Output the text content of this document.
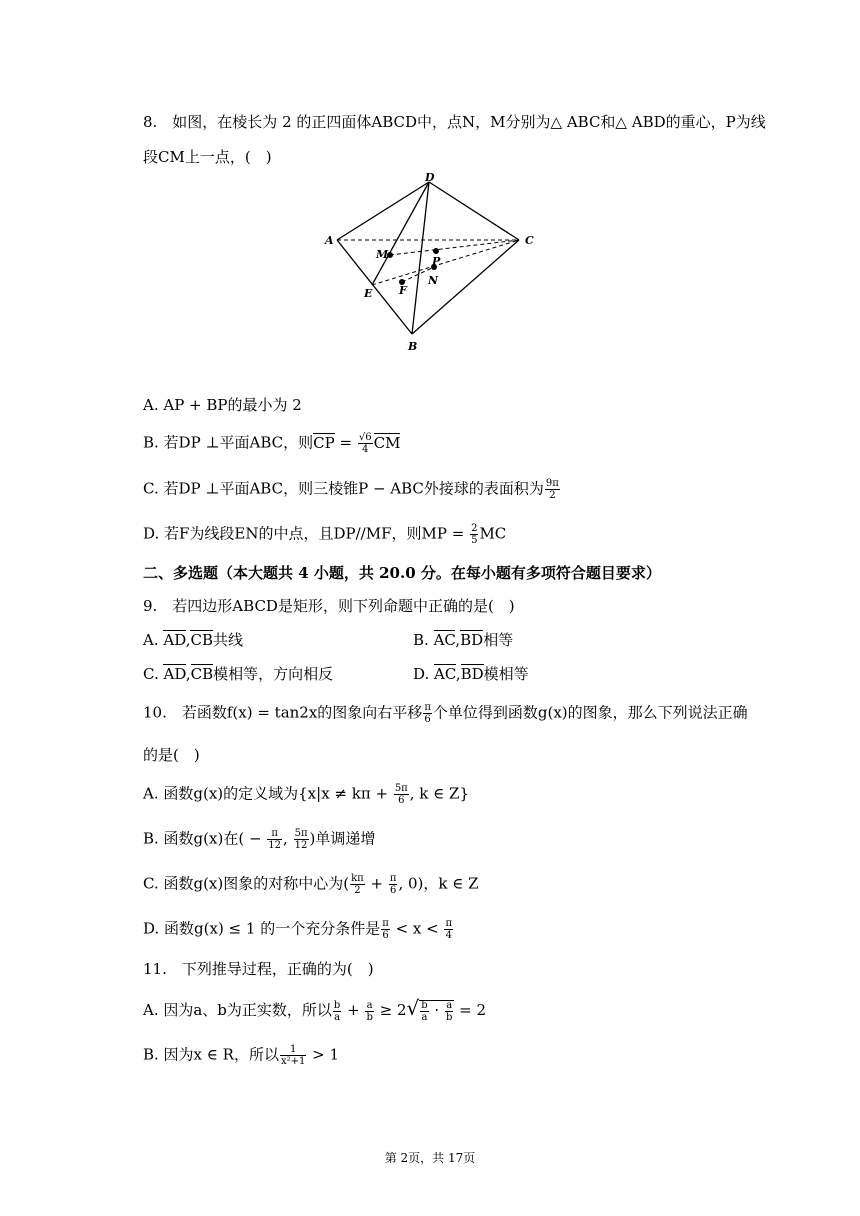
8.　如图，在棱长为 2 的正四面体ABCD中，点N，M分别为△ ABC和△ ABD的重心，P为线
段CM上一点，(　)
D
A	C
M
P
N
F
E
B
A. AP + BP的最小为 2
B. 若DP ⊥平面ABC，则CP = $\frac{√6}{4}$ CM
C. 若DP ⊥平面ABC，则三棱锥P − ABC外接球的表面积为 $\frac{9\pi}{2}$
D. 若F为线段EN的中点，且DP//MF，则MP = $\frac{2}{5}$ MC
二、多选题（本大题共 4 小题，共 20.0 分。在每小题有多项符合题目要求）
9.　若四边形ABCD是矩形，则下列命题中正确的是(　)
A. AD,CB共线	B. AC,BD相等
C. AD,CB模相等，方向相反	D. AC,BD模相等
10.　若函数f(x) = tan2x的图象向右平移 $\frac{\pi}{6}$ 个单位得到函数g(x)的图象，那么下列说法正确
的是(　)
A. 函数g(x)的定义域为{$x|x \ne k\pi + \frac{5\pi}{6}$ , k ∈ Z}
B. 函数g(x)在( − $\frac{\pi}{12}$ , $\frac{5\pi}{12}$ )单调递增
C. 函数g(x)图象的对称中心为( $\frac{k\pi}{2} + \frac{\pi}{6}$ , 0)，k ∈ Z
D. 函数g(x) ≤ 1 的一个充分条件是 $\frac{\pi}{6} < x < \frac{\pi}{4}$
11.　下列推导过程，正确的为(　)
A. 因为a、b为正实数，所以 $\frac{b}{a} + \frac{a}{b} \ge 2√ \frac{b}{a} \cdot \frac{a}{b} = 2$
B. 因为x ∈ R，所以 $\frac{1}{\text{x²+1}} > 1$
第 2页，共 17页
